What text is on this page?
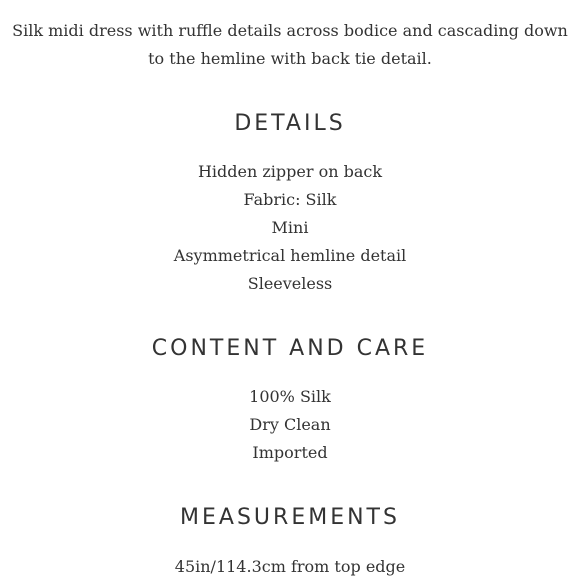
Silk midi dress with ruffle details across bodice and cascading down
to the hemline with back tie detail.

DETAILS
Hidden zipper on back
Fabric: Silk
Mini
Asymmetrical hemline detail
Sleeveless
CONTENT AND CARE
100% Silk
Dry Clean
Imported
MEASUREMENTS
45in/114.3cm from top edge
